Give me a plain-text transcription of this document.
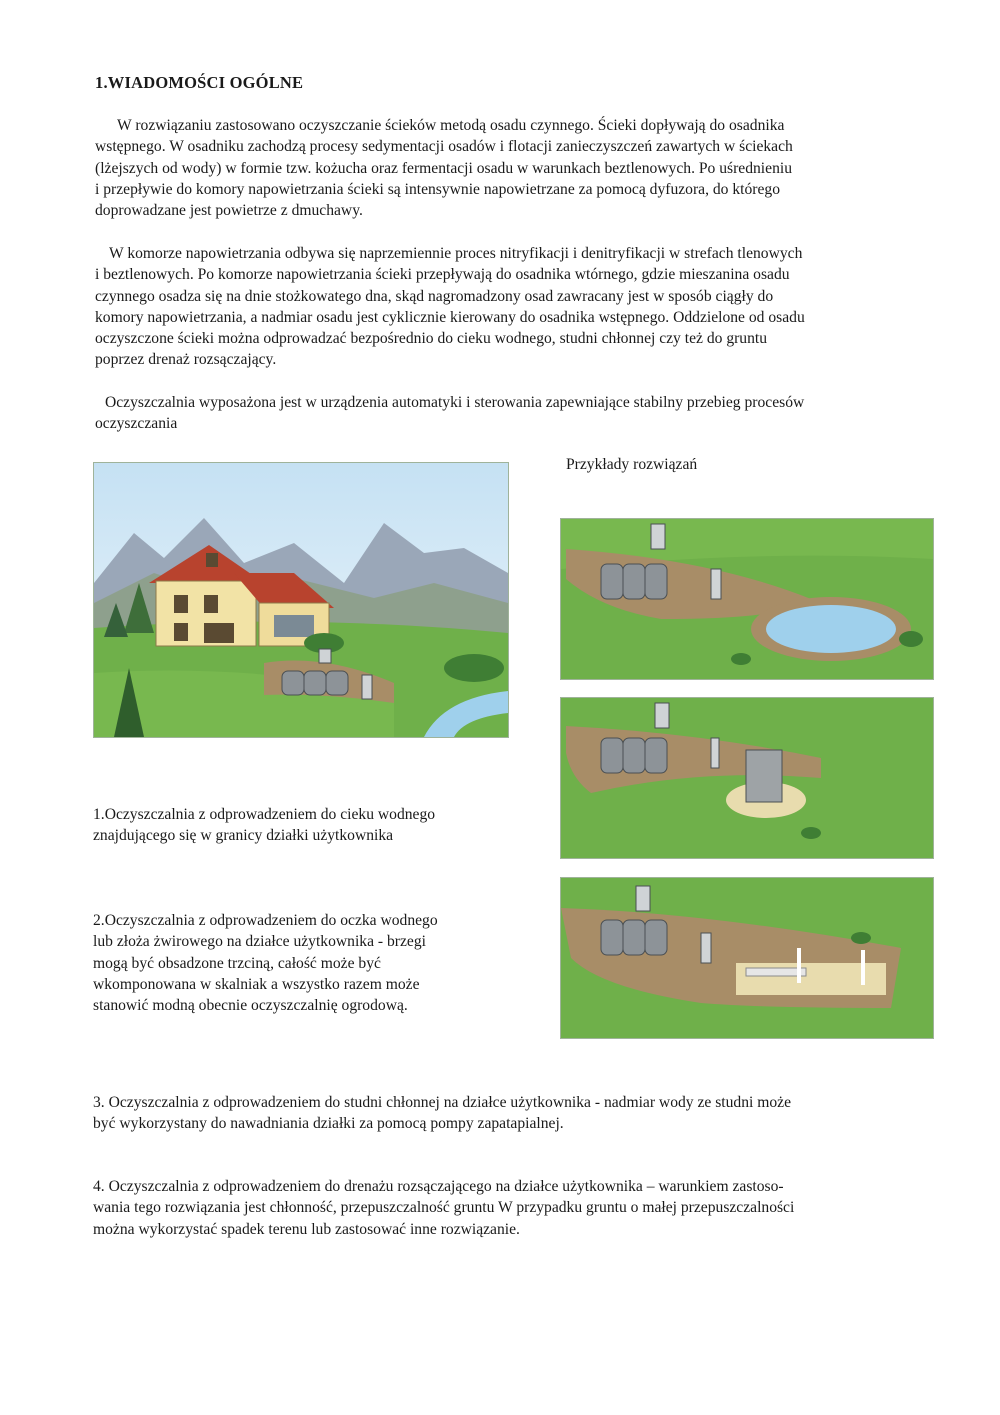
1.WIADOMOŚCI OGÓLNE

W rozwiązaniu zastosowano oczyszczanie ścieków metodą osadu czynnego. Ścieki dopływają do osadnika
wstępnego. W osadniku zachodzą procesy sedymentacji osadów i flotacji zanieczyszczeń zawartych w ściekach
(lżejszych od wody) w formie tzw. kożucha oraz fermentacji osadu w warunkach beztlenowych. Po uśrednieniu
i przepływie do komory napowietrzania ścieki są intensywnie napowietrzane za pomocą dyfuzora, do którego
doprowadzane jest powietrze z dmuchawy.

W komorze napowietrzania odbywa się naprzemiennie proces nitryfikacji i denitryfikacji w strefach tlenowych
i beztlenowych. Po komorze napowietrzania ścieki przepływają do osadnika wtórnego, gdzie mieszanina osadu
czynnego osadza się na dnie stożkowatego dna, skąd nagromadzony osad zawracany jest w sposób ciągły do
komory napowietrzania, a nadmiar osadu jest cyklicznie kierowany do osadnika wstępnego. Oddzielone od osadu
oczyszczone ścieki można odprowadzać bezpośrednio do cieku wodnego, studni chłonnej czy też do gruntu
poprzez drenaż rozsączający.

Oczyszczalnia wyposażona jest w urządzenia automatyki i sterowania zapewniające stabilny przebieg procesów
oczyszczania

Przykłady rozwiązań

1.Oczyszczalnia z odprowadzeniem do cieku wodnego
znajdującego się w granicy działki użytkownika

2.Oczyszczalnia z odprowadzeniem do oczka wodnego
lub złoża żwirowego na działce użytkownika - brzegi
mogą być obsadzone trzciną, całość może być
wkomponowana w skalniak a wszystko razem może
stanowić modną obecnie oczyszczalnię ogrodową.

3. Oczyszczalnia z odprowadzeniem do studni chłonnej na działce użytkownika - nadmiar wody ze studni może
być wykorzystany do nawadniania działki za pomocą pompy zapatapialnej.

4. Oczyszczalnia z odprowadzeniem do drenażu rozsączającego na działce użytkownika – warunkiem zastoso-
wania tego rozwiązania jest chłonność, przepuszczalność gruntu W przypadku gruntu o małej przepuszczalności
można wykorzystać spadek terenu lub zastosować inne rozwiązanie.
